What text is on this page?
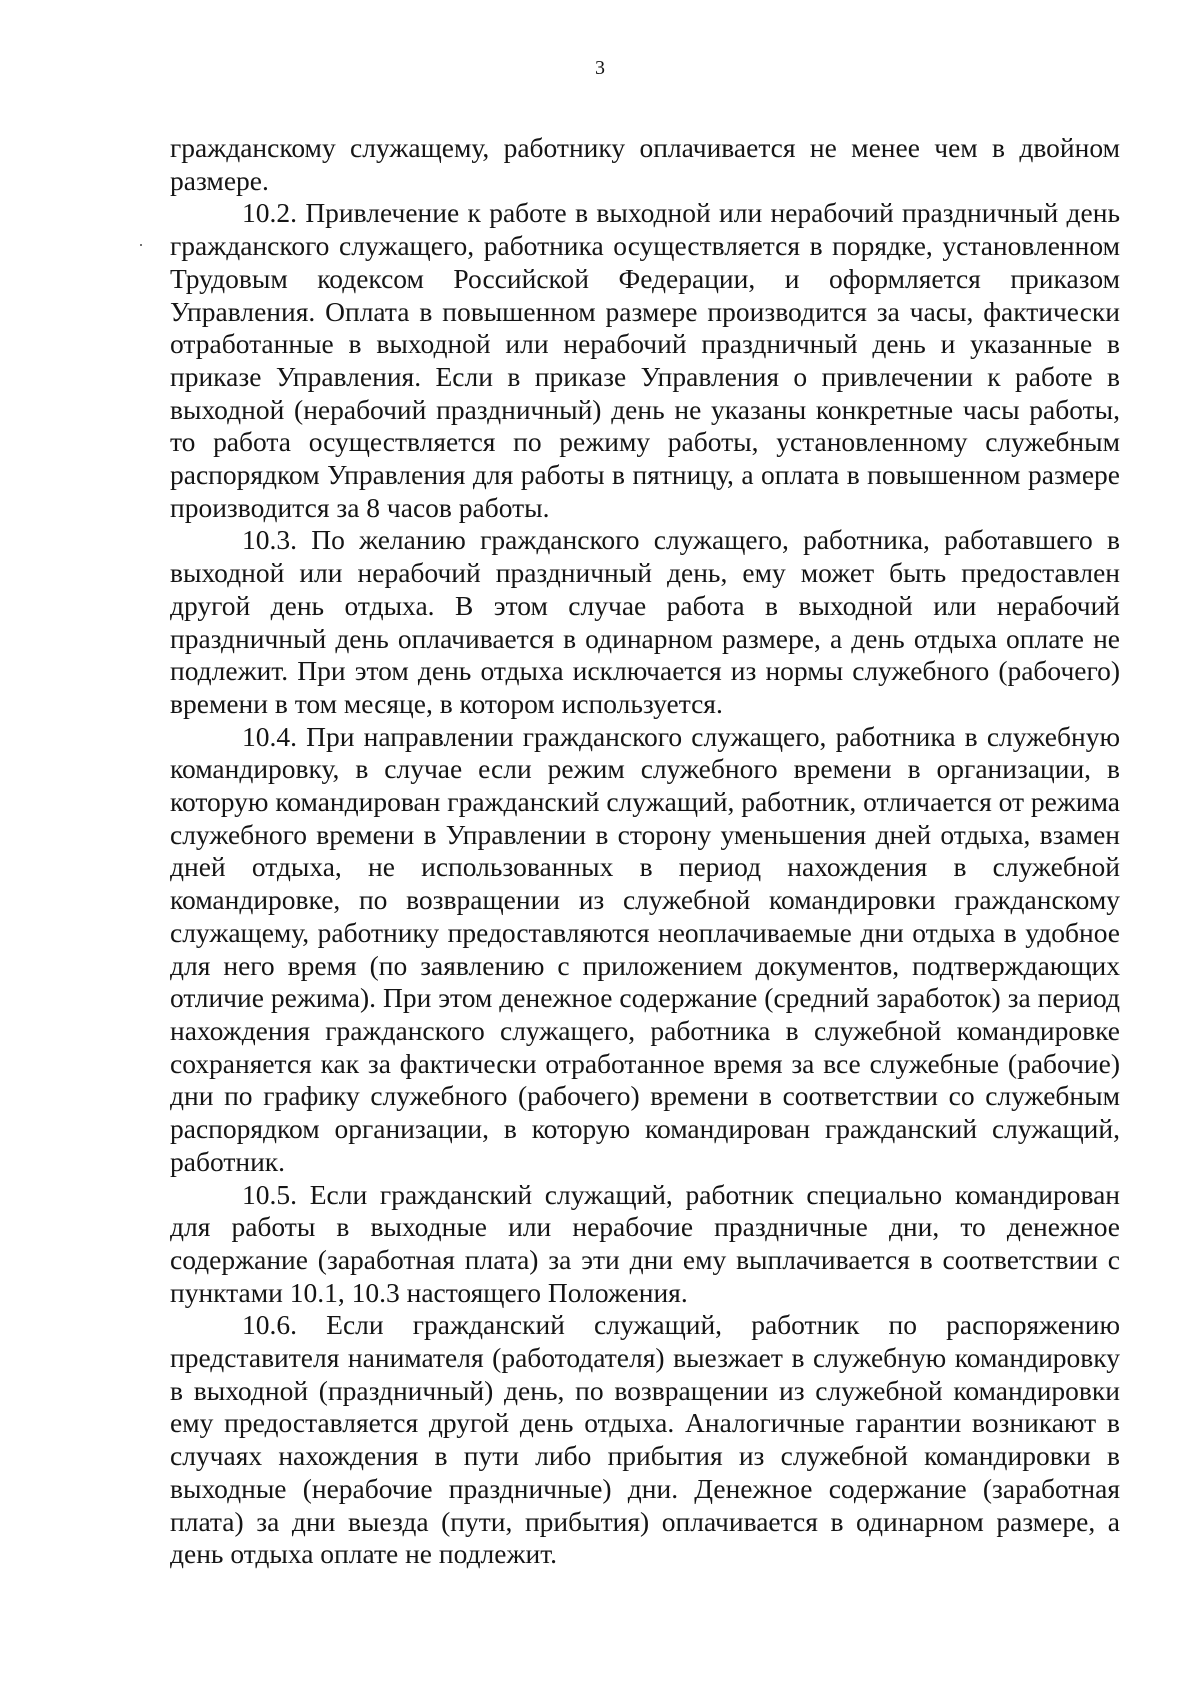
3

гражданскому служащему, работнику оплачивается не менее чем в двойном размере.

10.2. Привлечение к работе в выходной или нерабочий праздничный день гражданского служащего, работника осуществляется в порядке, установленном Трудовым кодексом Российской Федерации, и оформляется приказом Управления. Оплата в повышенном размере производится за часы, фактически отработанные в выходной или нерабочий праздничный день и указанные в приказе Управления. Если в приказе Управления о привлечении к работе в выходной (нерабочий праздничный) день не указаны конкретные часы работы, то работа осуществляется по режиму работы, установленному служебным распорядком Управления для работы в пятницу, а оплата в повышенном размере производится за 8 часов работы.

10.3. По желанию гражданского служащего, работника, работавшего в выходной или нерабочий праздничный день, ему может быть предоставлен другой день отдыха. В этом случае работа в выходной или нерабочий праздничный день оплачивается в одинарном размере, а день отдыха оплате не подлежит. При этом день отдыха исключается из нормы служебного (рабочего) времени в том месяце, в котором используется.

10.4. При направлении гражданского служащего, работника в служебную командировку, в случае если режим служебного времени в организации, в которую командирован гражданский служащий, работник, отличается от режима служебного времени в Управлении в сторону уменьшения дней отдыха, взамен дней отдыха, не использованных в период нахождения в служебной командировке, по возвращении из служебной командировки гражданскому служащему, работнику предоставляются неоплачиваемые дни отдыха в удобное для него время (по заявлению с приложением документов, подтверждающих отличие режима). При этом денежное содержание (средний заработок) за период нахождения гражданского служащего, работника в служебной командировке сохраняется как за фактически отработанное время за все служебные (рабочие) дни по графику служебного (рабочего) времени в соответствии со служебным распорядком организации, в которую командирован гражданский служащий, работник.

10.5. Если гражданский служащий, работник специально командирован для работы в выходные или нерабочие праздничные дни, то денежное содержание (заработная плата) за эти дни ему выплачивается в соответствии с пунктами 10.1, 10.3 настоящего Положения.

10.6. Если гражданский служащий, работник по распоряжению представителя нанимателя (работодателя) выезжает в служебную командировку в выходной (праздничный) день, по возвращении из служебной командировки ему предоставляется другой день отдыха. Аналогичные гарантии возникают в случаях нахождения в пути либо прибытия из служебной командировки в выходные (нерабочие праздничные) дни. Денежное содержание (заработная плата) за дни выезда (пути, прибытия) оплачивается в одинарном размере, а день отдыха оплате не подлежит.
